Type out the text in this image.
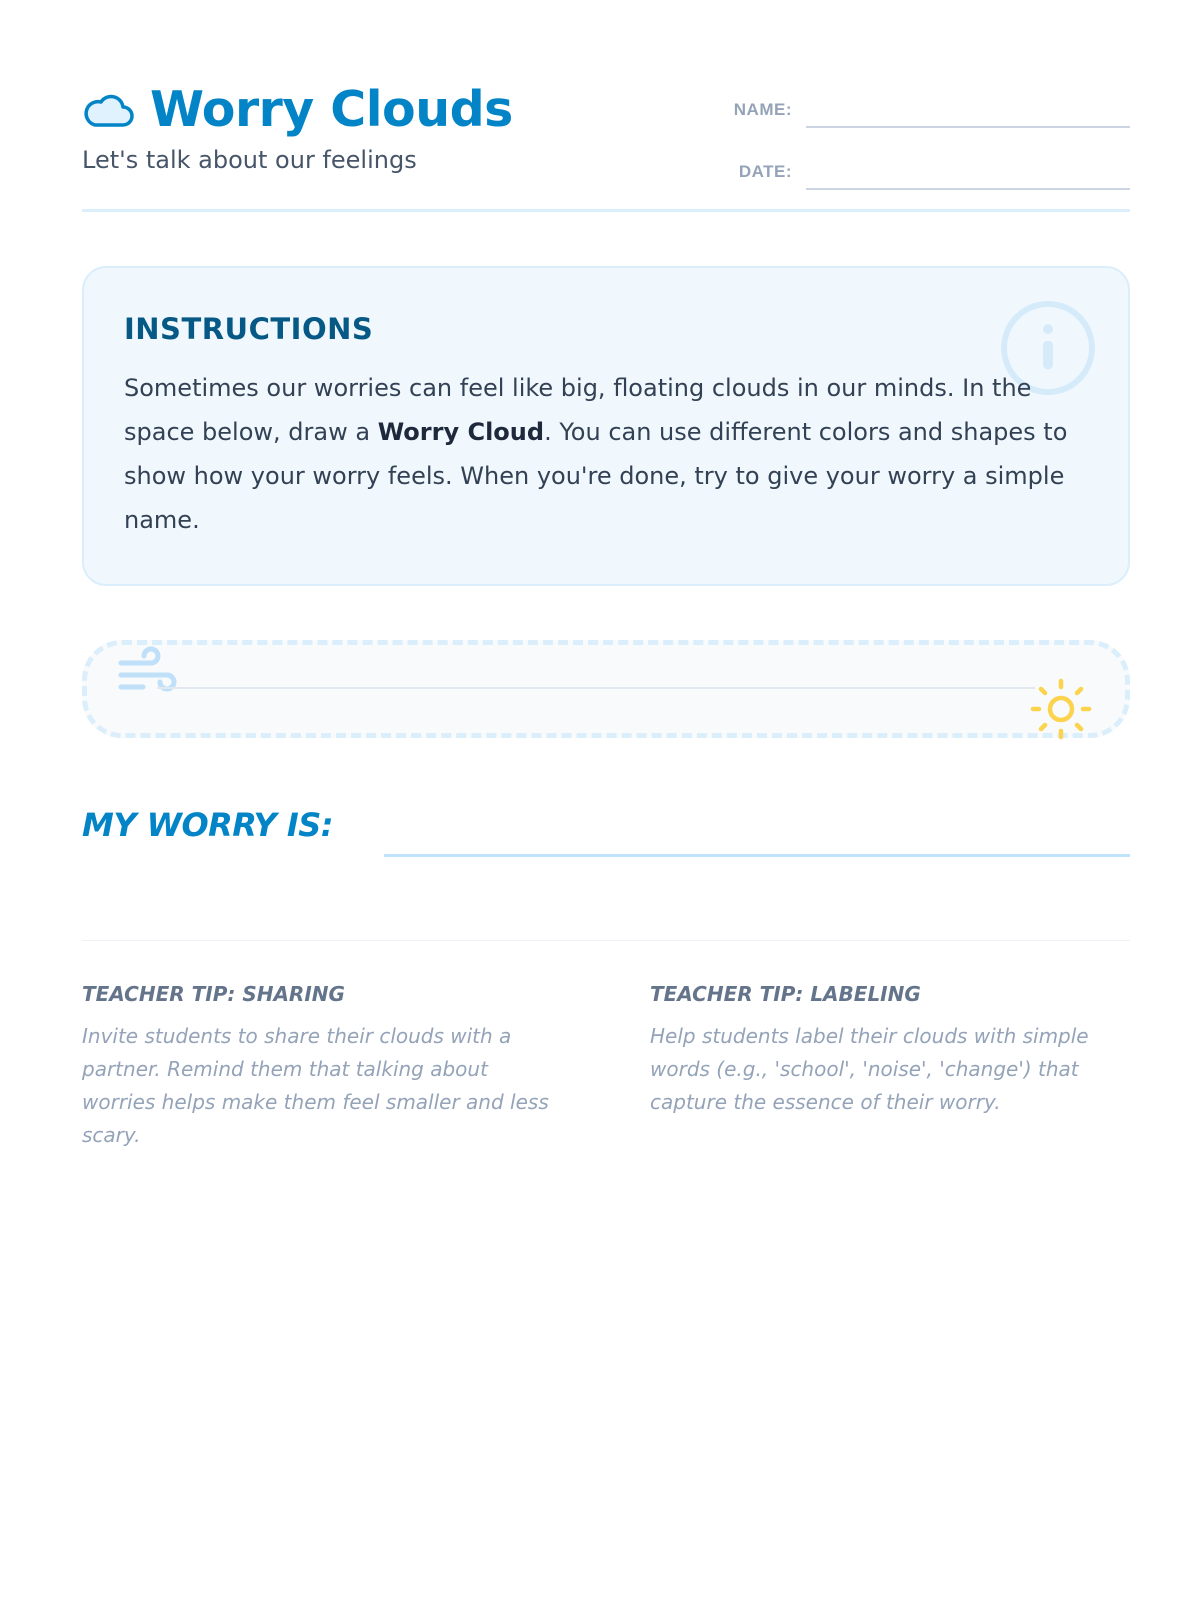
Worry Clouds
Let's talk about our feelings
NAME:
DATE:
INSTRUCTIONS

Sometimes our worries can feel like big, floating clouds in our minds. In the space below, draw a Worry Cloud. You can use different colors and shapes to show how your worry feels. When you're done, try to give your worry a simple name.

MY WORRY IS:
TEACHER TIP: SHARING
Invite students to share their clouds with a partner. Remind them that talking about worries helps make them feel smaller and less scary.
TEACHER TIP: LABELING
Help students label their clouds with simple words (e.g., 'school', 'noise', 'change') that capture the essence of their worry.
